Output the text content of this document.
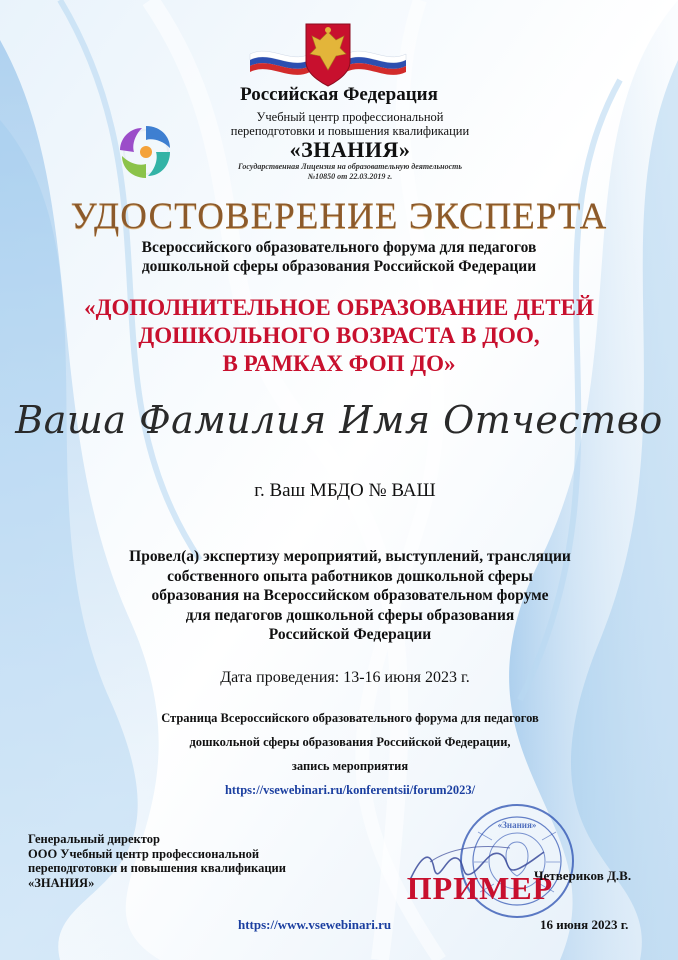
Российская Федерация
Учебный центр профессиональной
переподготовки и повышения квалификации
«ЗНАНИЯ»
Государственная Лицензия на образовательную деятельность
№10850 от 22.03.2019 г.
УДОСТОВЕРЕНИЕ ЭКСПЕРТА
Всероссийского образовательного форума для педагогов
дошкольной сферы образования Российской Федерации
«ДОПОЛНИТЕЛЬНОЕ ОБРАЗОВАНИЕ ДЕТЕЙ
ДОШКОЛЬНОГО ВОЗРАСТА В ДОО,
В РАМКАХ ФОП ДО»
Ваша Фамилия Имя Отчество
г. Ваш МБДО № ВАШ
Провел(а) экспертизу мероприятий, выступлений, трансляции
собственного опыта работников дошкольной сферы
образования на Всероссийском образовательном форуме
для педагогов дошкольной сферы образования
Российской Федерации
Дата проведения: 13-16 июня 2023 г.
Страница Всероссийского образовательного форума для педагогов
дошкольной сферы образования Российской Федерации,
запись мероприятия
https://vsewebinari.ru/konferentsii/forum2023/
Генеральный директор
ООО Учебный центр профессиональной
переподготовки и повышения квалификации
«ЗНАНИЯ»
«Знания»
ПРИМЕР
Четвериков Д.В.
https://www.vsewebinari.ru	16 июня 2023 г.
